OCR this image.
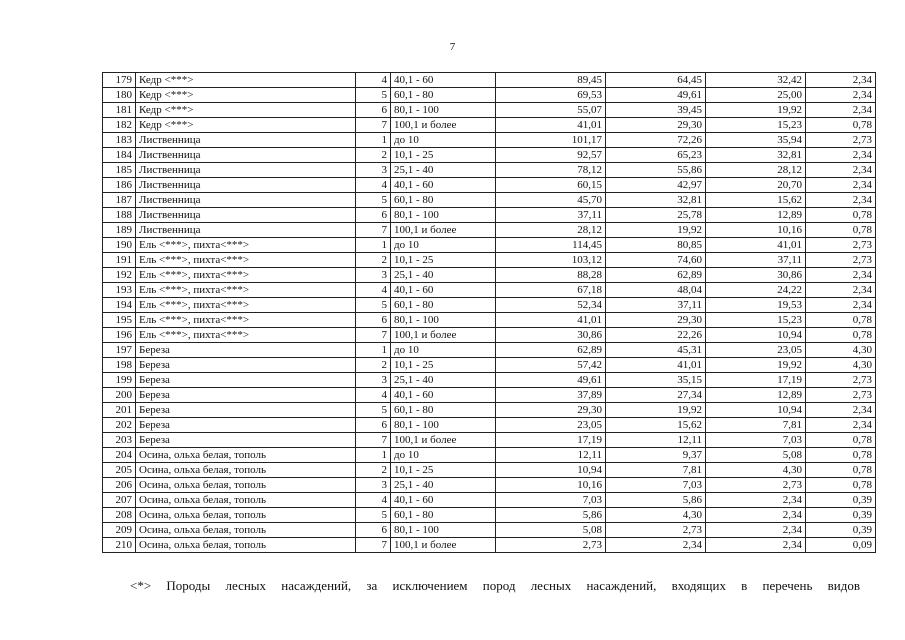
7
179	Кедр <***>	4	40,1 - 60	89,45	64,45	32,42	2,34
180	Кедр <***>	5	60,1 - 80	69,53	49,61	25,00	2,34
181	Кедр <***>	6	80,1 - 100	55,07	39,45	19,92	2,34
182	Кедр <***>	7	100,1 и более	41,01	29,30	15,23	0,78
183	Лиственница	1	до 10	101,17	72,26	35,94	2,73
184	Лиственница	2	10,1 - 25	92,57	65,23	32,81	2,34
185	Лиственница	3	25,1 - 40	78,12	55,86	28,12	2,34
186	Лиственница	4	40,1 - 60	60,15	42,97	20,70	2,34
187	Лиственница	5	60,1 - 80	45,70	32,81	15,62	2,34
188	Лиственница	6	80,1 - 100	37,11	25,78	12,89	0,78
189	Лиственница	7	100,1 и более	28,12	19,92	10,16	0,78
190	Ель <***>, пихта<***>	1	до 10	114,45	80,85	41,01	2,73
191	Ель <***>, пихта<***>	2	10,1 - 25	103,12	74,60	37,11	2,73
192	Ель <***>, пихта<***>	3	25,1 - 40	88,28	62,89	30,86	2,34
193	Ель <***>, пихта<***>	4	40,1 - 60	67,18	48,04	24,22	2,34
194	Ель <***>, пихта<***>	5	60,1 - 80	52,34	37,11	19,53	2,34
195	Ель <***>, пихта<***>	6	80,1 - 100	41,01	29,30	15,23	0,78
196	Ель <***>, пихта<***>	7	100,1 и более	30,86	22,26	10,94	0,78
197	Береза	1	до 10	62,89	45,31	23,05	4,30
198	Береза	2	10,1 - 25	57,42	41,01	19,92	4,30
199	Береза	3	25,1 - 40	49,61	35,15	17,19	2,73
200	Береза	4	40,1 - 60	37,89	27,34	12,89	2,73
201	Береза	5	60,1 - 80	29,30	19,92	10,94	2,34
202	Береза	6	80,1 - 100	23,05	15,62	7,81	2,34
203	Береза	7	100,1 и более	17,19	12,11	7,03	0,78
204	Осина, ольха белая, тополь	1	до 10	12,11	9,37	5,08	0,78
205	Осина, ольха белая, тополь	2	10,1 - 25	10,94	7,81	4,30	0,78
206	Осина, ольха белая, тополь	3	25,1 - 40	10,16	7,03	2,73	0,78
207	Осина, ольха белая, тополь	4	40,1 - 60	7,03	5,86	2,34	0,39
208	Осина, ольха белая, тополь	5	60,1 - 80	5,86	4,30	2,34	0,39
209	Осина, ольха белая, тополь	6	80,1 - 100	5,08	2,73	2,34	0,39
210	Осина, ольха белая, тополь	7	100,1 и более	2,73	2,34	2,34	0,09
<*> Породы лесных насаждений, за исключением пород лесных насаждений, входящих в перечень видов
